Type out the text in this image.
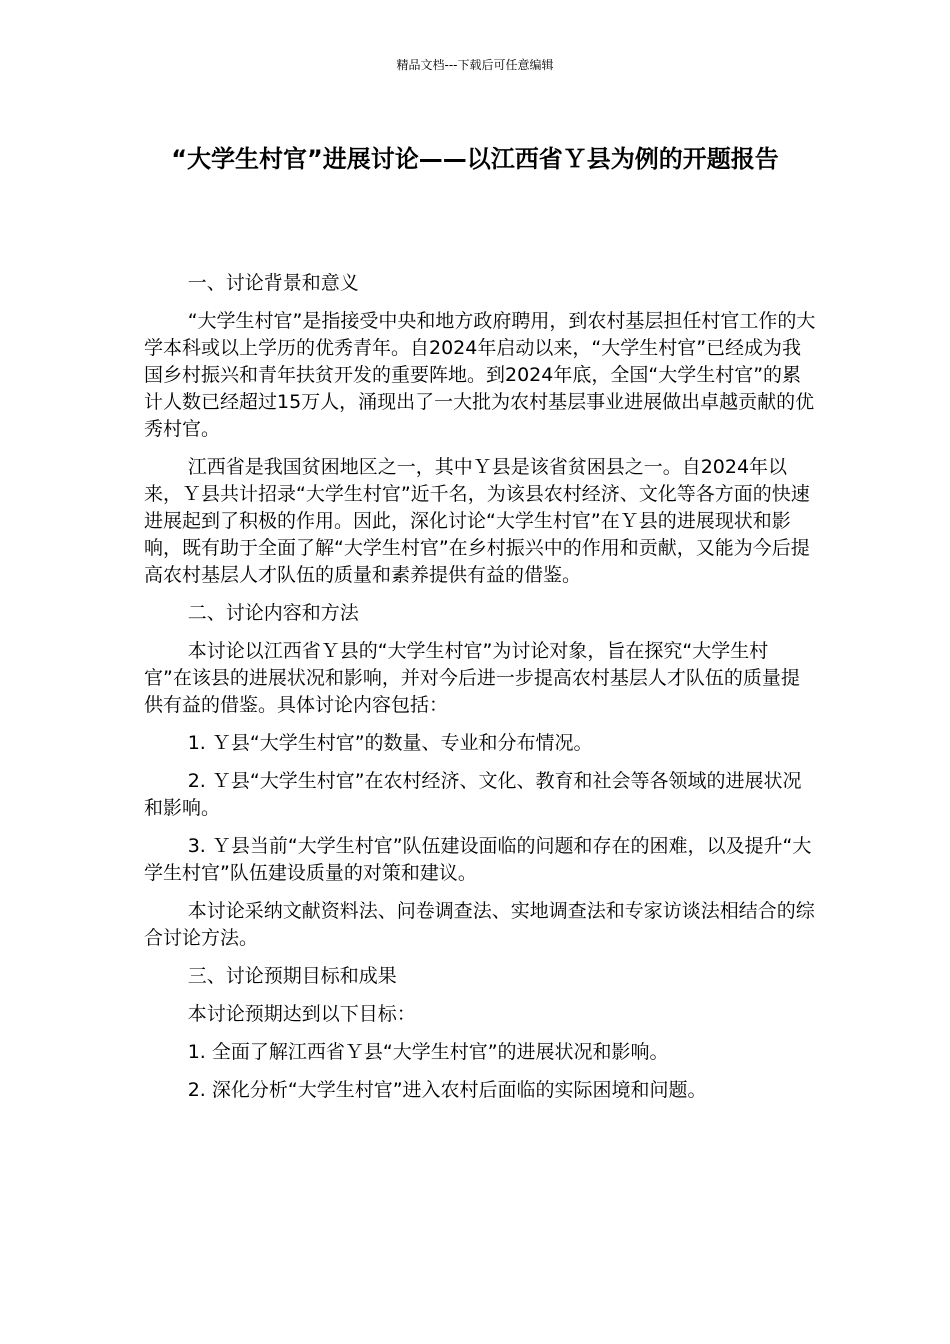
精品文档---下载后可任意编辑
“大学生村官”进展讨论——以江西省Ｙ县为例的开题报告

一、讨论背景和意义

“大学生村官”是指接受中央和地方政府聘用，到农村基层担任村官工作的大学本科或以上学历的优秀青年。自2024年启动以来，“大学生村官”已经成为我国乡村振兴和青年扶贫开发的重要阵地。到2024年底，全国“大学生村官”的累计人数已经超过15万人，涌现出了一大批为农村基层事业进展做出卓越贡献的优秀村官。

江西省是我国贫困地区之一，其中Ｙ县是该省贫困县之一。自2024年以来，Ｙ县共计招录“大学生村官”近千名，为该县农村经济、文化等各方面的快速进展起到了积极的作用。因此，深化讨论“大学生村官”在Ｙ县的进展现状和影响，既有助于全面了解“大学生村官”在乡村振兴中的作用和贡献，又能为今后提高农村基层人才队伍的质量和素养提供有益的借鉴。

二、讨论内容和方法

本讨论以江西省Ｙ县的“大学生村官”为讨论对象，旨在探究“大学生村官”在该县的进展状况和影响，并对今后进一步提高农村基层人才队伍的质量提供有益的借鉴。具体讨论内容包括：

1. Ｙ县“大学生村官”的数量、专业和分布情况。

2. Ｙ县“大学生村官”在农村经济、文化、教育和社会等各领域的进展状况和影响。

3. Ｙ县当前“大学生村官”队伍建设面临的问题和存在的困难，以及提升“大学生村官”队伍建设质量的对策和建议。

本讨论采纳文献资料法、问卷调查法、实地调查法和专家访谈法相结合的综合讨论方法。

三、讨论预期目标和成果

本讨论预期达到以下目标：

1. 全面了解江西省Ｙ县“大学生村官”的进展状况和影响。

2. 深化分析“大学生村官”进入农村后面临的实际困境和问题。
